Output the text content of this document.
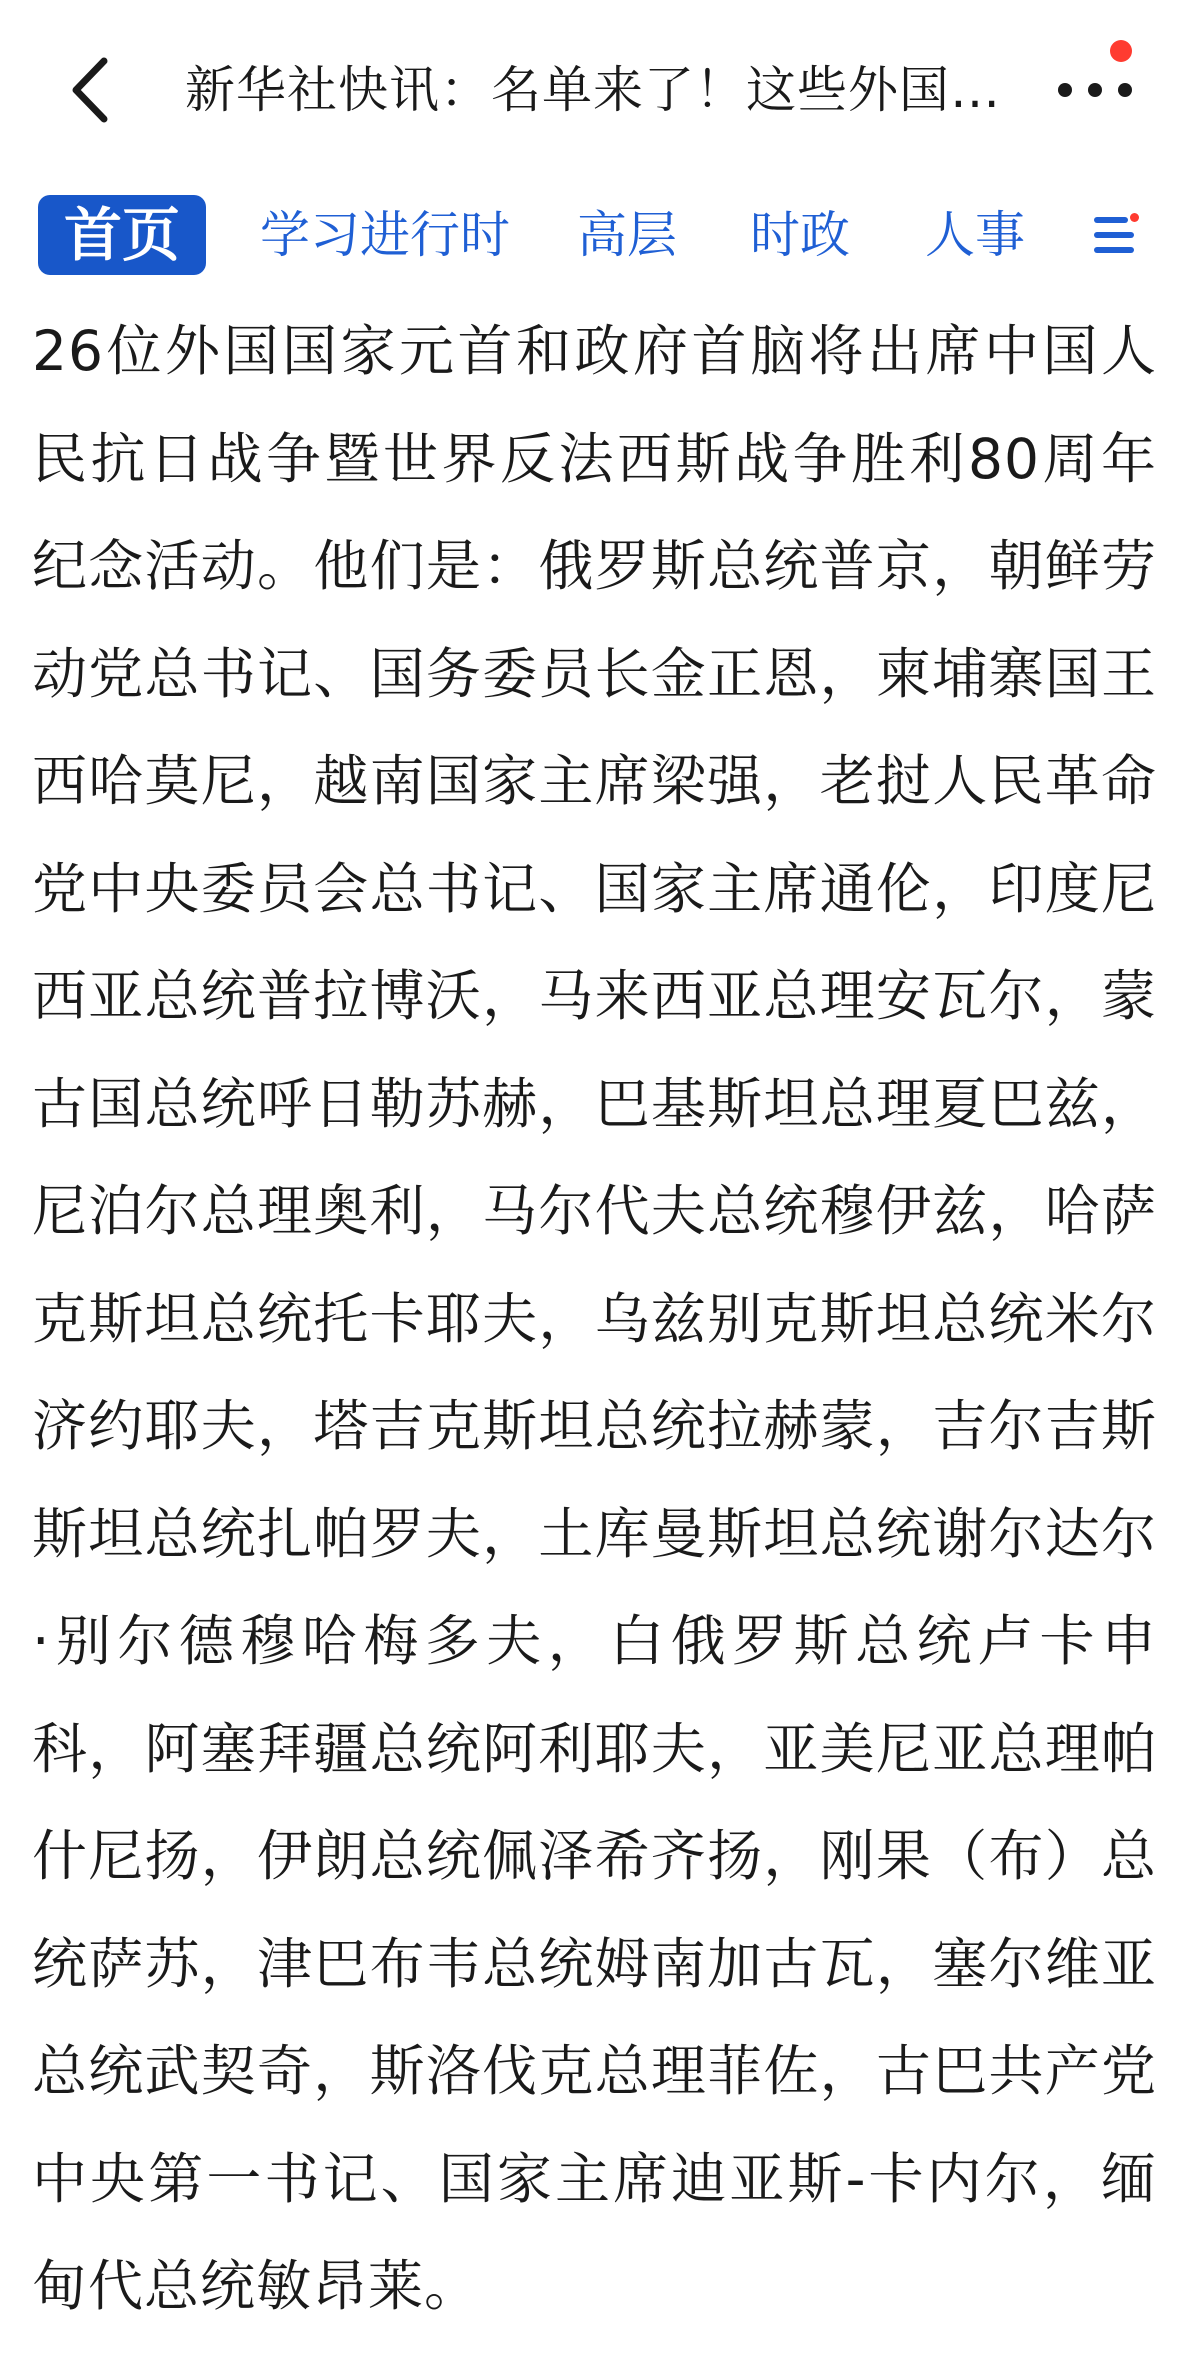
新华社快讯：名单来了！这些外国…
首页	学习进行时 高层 时政 人事
26位外国国家元首和政府首脑将出席中国人民抗日战争暨世界反法西斯战争胜利80周年纪念活动。他们是：俄罗斯总统普京，朝鲜劳动党总书记、国务委员长金正恩，柬埔寨国王西哈莫尼，越南国家主席梁强，老挝人民革命党中央委员会总书记、国家主席通伦，印度尼西亚总统普拉博沃，马来西亚总理安瓦尔，蒙古国总统呼日勒苏赫，巴基斯坦总理夏巴兹，尼泊尔总理奥利，马尔代夫总统穆伊兹，哈萨克斯坦总统托卡耶夫，乌兹别克斯坦总统米尔济约耶夫，塔吉克斯坦总统拉赫蒙，吉尔吉斯斯坦总统扎帕罗夫，土库曼斯坦总统谢尔达尔·别尔德穆哈梅多夫，白俄罗斯总统卢卡申科，阿塞拜疆总统阿利耶夫，亚美尼亚总理帕什尼扬，伊朗总统佩泽希齐扬，刚果（布）总统萨苏，津巴布韦总统姆南加古瓦，塞尔维亚总统武契奇，斯洛伐克总理菲佐，古巴共产党中央第一书记、国家主席迪亚斯-卡内尔，缅甸代总统敏昂莱。
